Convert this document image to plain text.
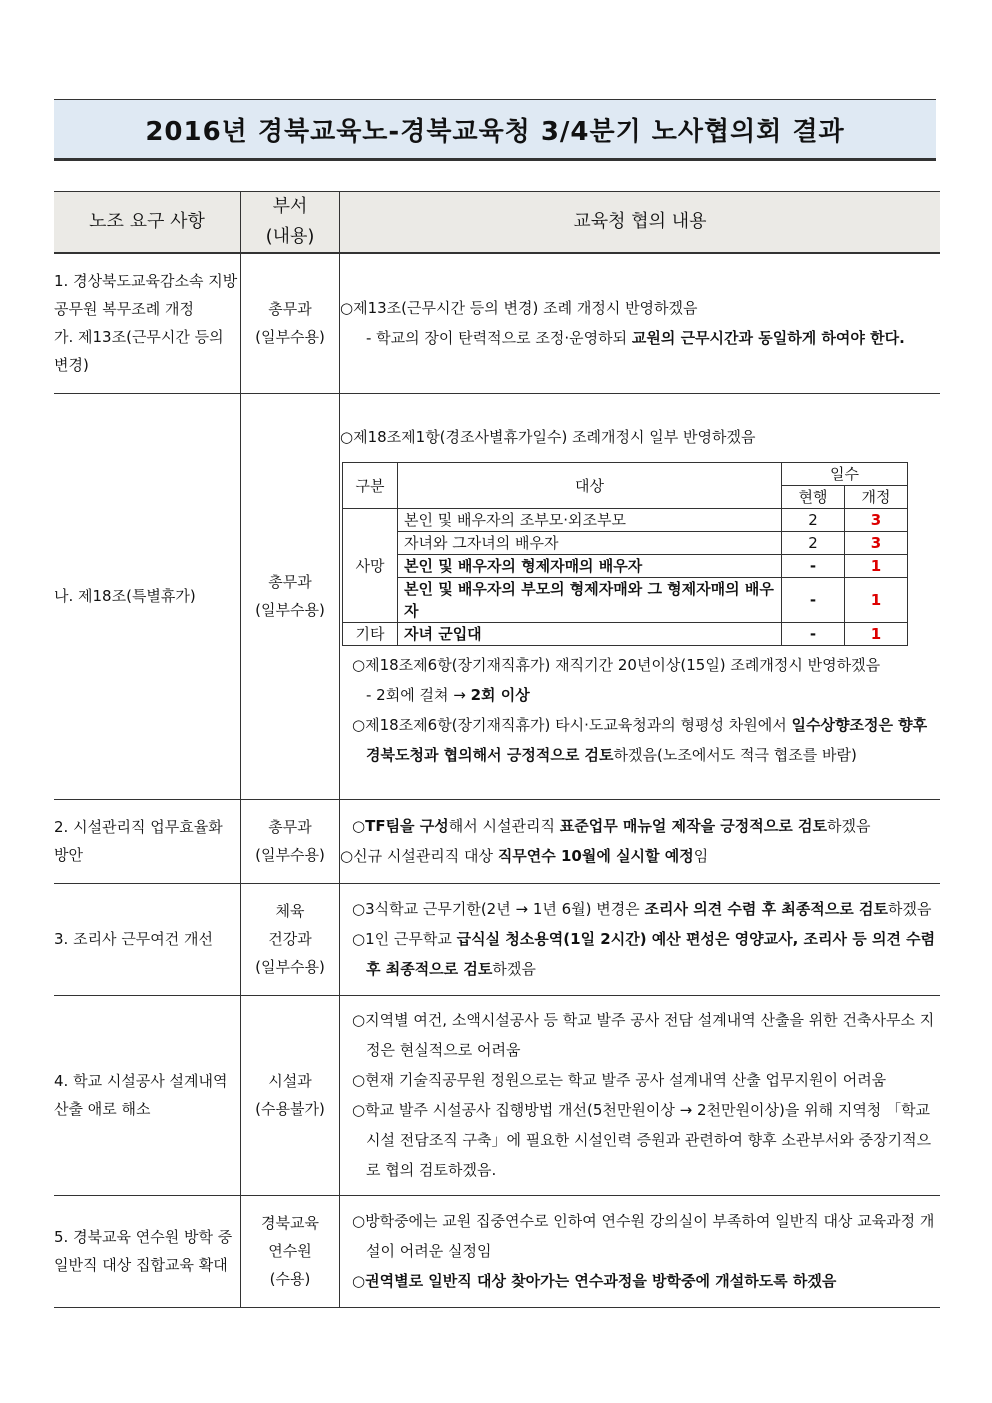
2016년 경북교육노-경북교육청 3/4분기 노사협의회 결과
노조 요구 사항	부서
(내용)	교육청 협의 내용

1. 경상북도교육감소속 지방공무원 복무조례 개정
가. 제13조(근무시간 등의 변경)

총무과
(일부수용)

○제13조(근무시간 등의 변경) 조례 개정시 반영하겠음

- 학교의 장이 탄력적으로 조정·운영하되 교원의 근무시간과 동일하게 하여야 한다.

나. 제18조(특별휴가)	
총무과
(일부수용)

○제18조제1항(경조사별휴가일수) 조례개정시 일부 반영하겠음

구분	대상	일수
현행	개정
사망	본인 및 배우자의 조부모·외조부모	2	3
자녀와 그자녀의 배우자	2	3
본인 및 배우자의 형제자매의 배우자	-	1
본인 및 배우자의 부모의 형제자매와 그 형제자매의 배우자	-	1
기타	자녀 군입대	-	1

○제18조제6항(장기재직휴가) 재직기간 20년이상(15일) 조례개정시 반영하겠음

- 2회에 걸쳐 → 2회 이상

○제18조제6항(장기재직휴가) 타시·도교육청과의 형평성 차원에서 일수상향조정은 향후 경북도청과 협의해서 긍정적으로 검토하겠음(노조에서도 적극 협조를 바람)

2. 시설관리직 업무효율화 방안	
총무과
(일부수용)

○TF팀을 구성해서 시설관리직 표준업무 매뉴얼 제작을 긍정적으로 검토하겠음

○신규 시설관리직 대상 직무연수 10월에 실시할 예정임

3. 조리사 근무여건 개선	
체육
건강과
(일부수용)

○3식학교 근무기한(2년 → 1년 6월) 변경은 조리사 의견 수렴 후 최종적으로 검토하겠음

○1인 근무학교 급식실 청소용역(1일 2시간) 예산 편성은 영양교사, 조리사 등 의견 수렴 후 최종적으로 검토하겠음

4. 학교 시설공사 설계내역 산출 애로 해소	
시설과
(수용불가)

○지역별 여건, 소액시설공사 등 학교 발주 공사 전담 설계내역 산출을 위한 건축사무소 지정은 현실적으로 어려움

○현재 기술직공무원 정원으로는 학교 발주 공사 설계내역 산출 업무지원이 어려움

○학교 발주 시설공사 집행방법 개선(5천만원이상 → 2천만원이상)을 위해 지역청 「학교시설 전담조직 구축」에 필요한 시설인력 증원과 관련하여 향후 소관부서와 중장기적으로 협의 검토하겠음.

5. 경북교육 연수원 방학 중 일반직 대상 집합교육 확대	
경북교육
연수원
(수용)

○방학중에는 교원 집중연수로 인하여 연수원 강의실이 부족하여 일반직 대상 교육과정 개설이 어려운 실정임

○권역별로 일반직 대상 찾아가는 연수과정을 방학중에 개설하도록 하겠음
